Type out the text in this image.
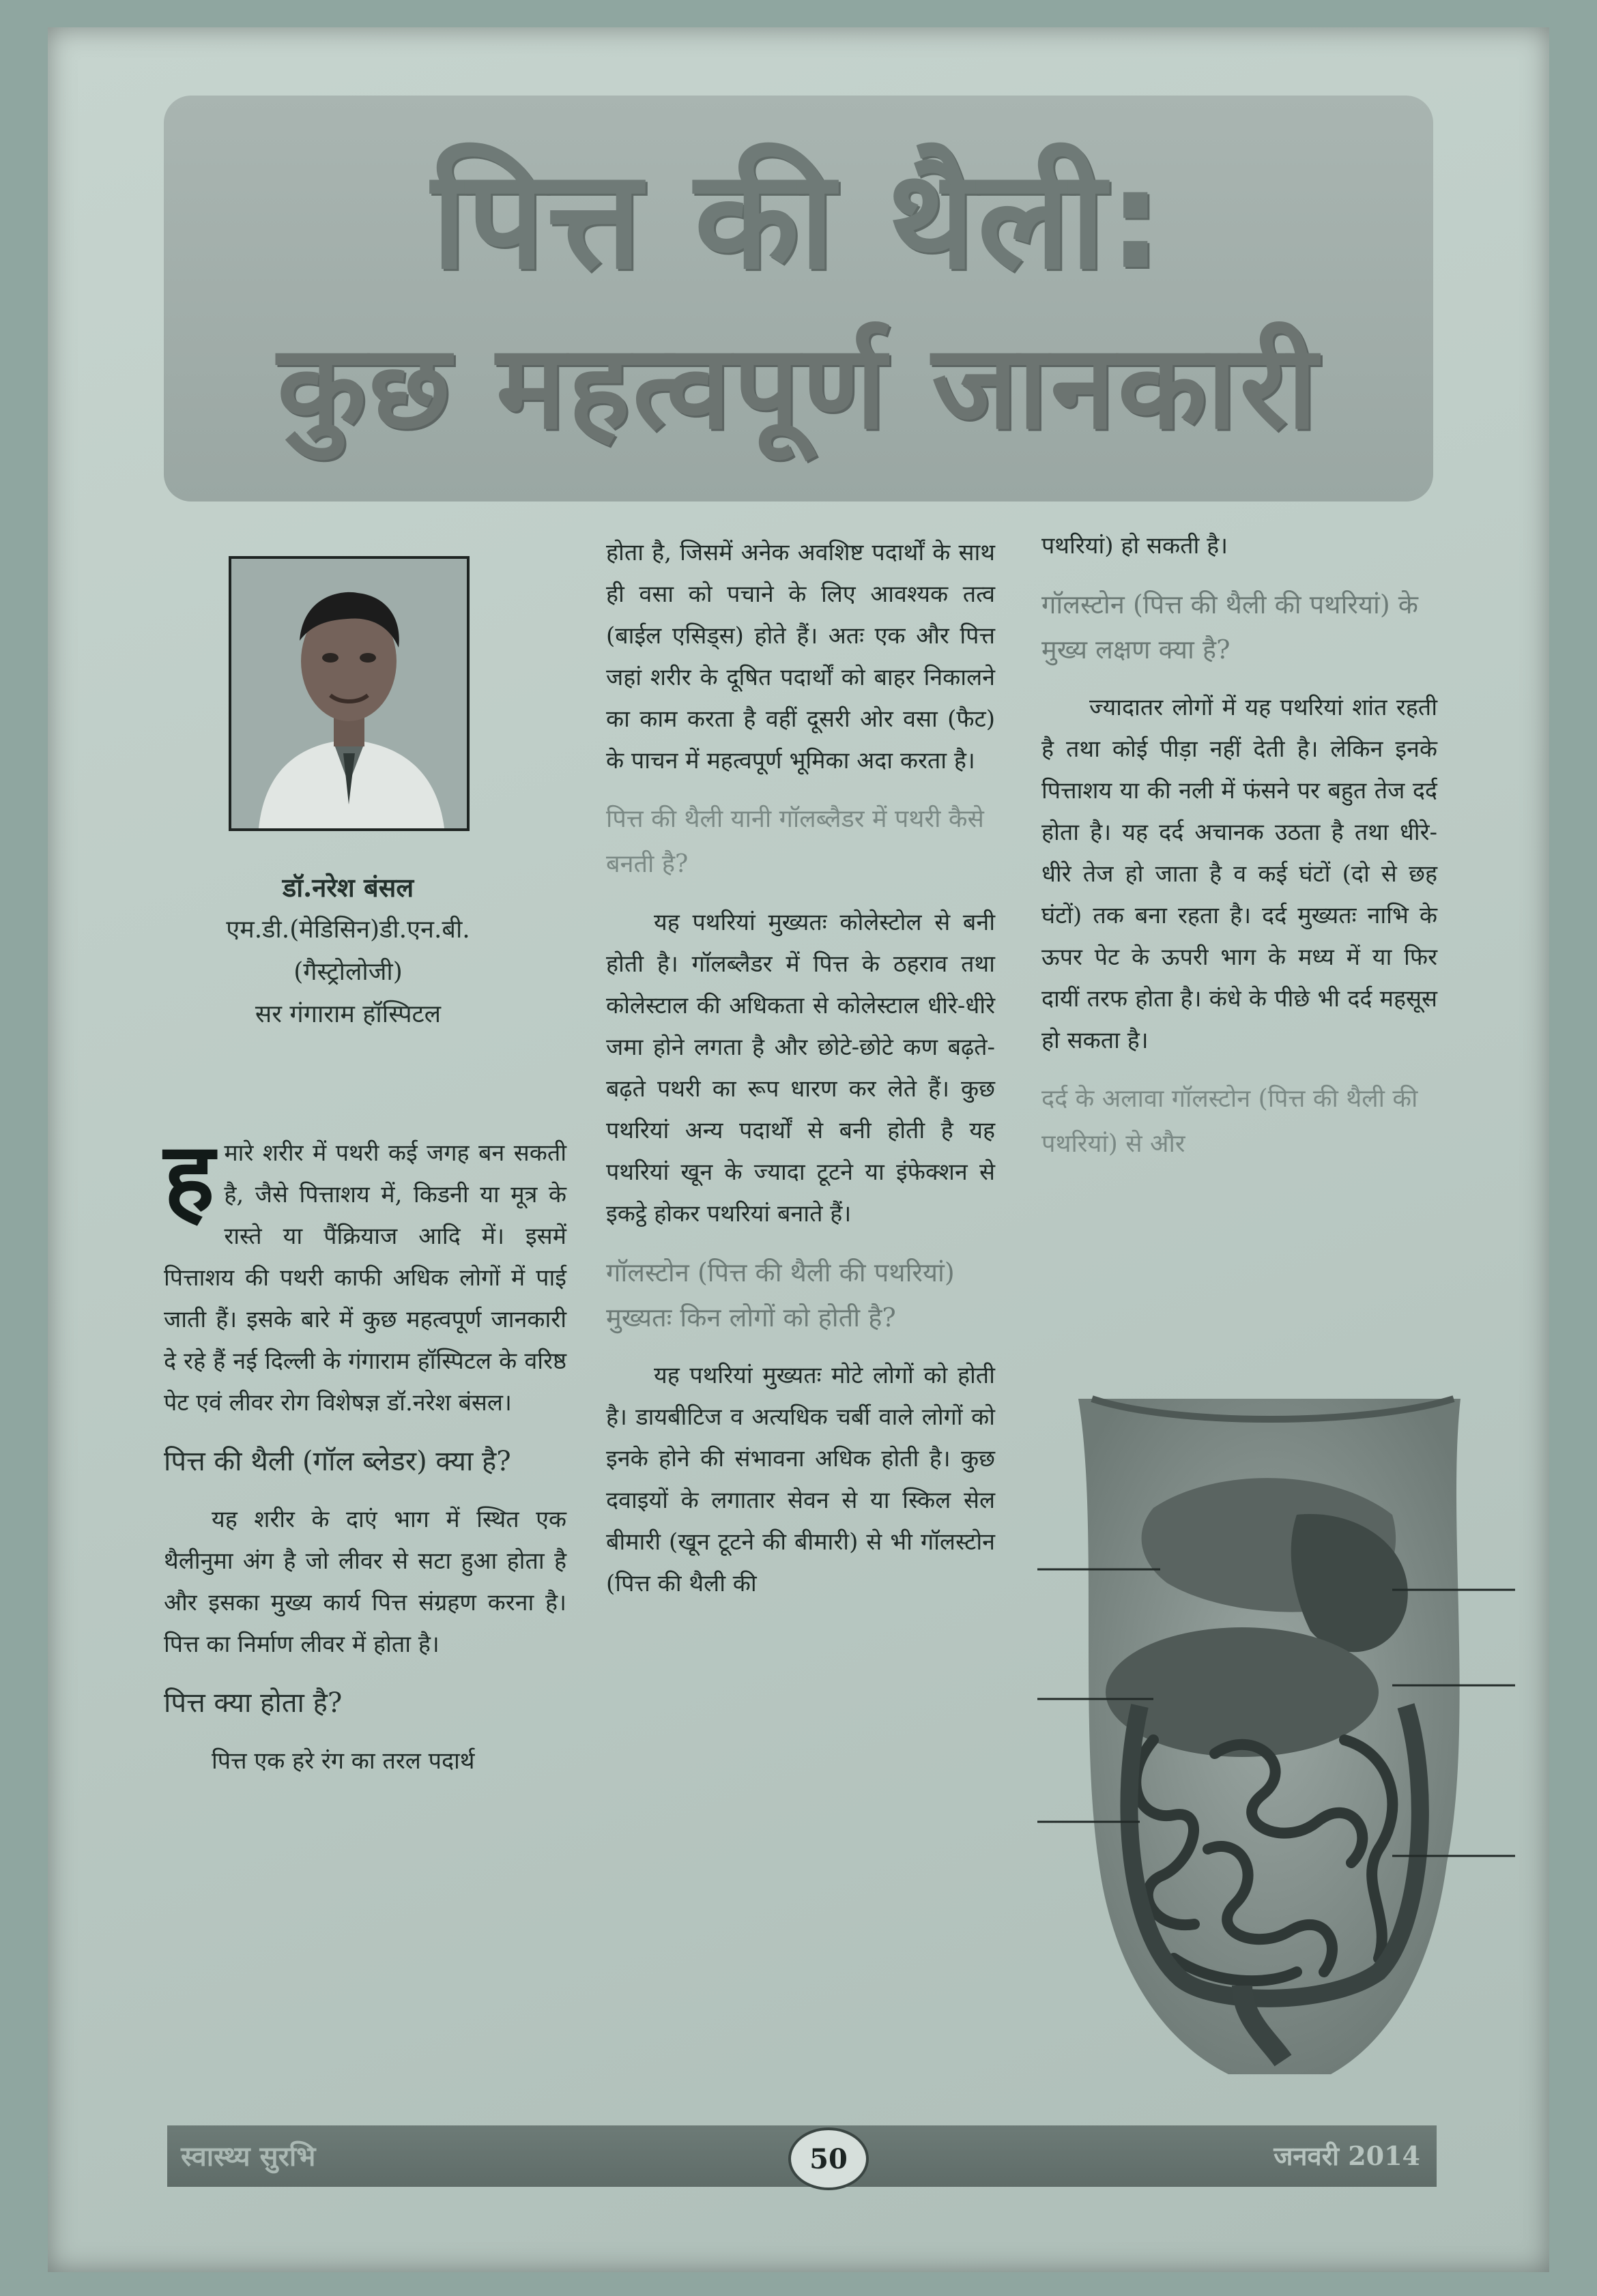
पित्त की थैली:
कुछ महत्वपूर्ण जानकारी
डॉ.नरेश बंसल
एम.डी.(मेडिसिन)डी.एन.बी.
(गैस्ट्रोलोजी)
सर गंगाराम हॉस्पिटल

हमारे शरीर में पथरी कई जगह बन सकती है, जैसे पित्ताशय में, किडनी या मूत्र के रास्ते या पैंक्रियाज आदि में। इसमें पित्ताशय की पथरी काफी अधिक लोगों में पाई जाती हैं। इसके बारे में कुछ महत्वपूर्ण जानकारी दे रहे हैं नई दिल्ली के गंगाराम हॉस्पिटल के वरिष्ठ पेट एवं लीवर रोग विशेषज्ञ डॉ.नरेश बंसल।

पित्त की थैली (गॉल ब्लेडर) क्या है?

यह शरीर के दाएं भाग में स्थित एक थैलीनुमा अंग है जो लीवर से सटा हुआ होता है और इसका मुख्य कार्य पित्त संग्रहण करना है। पित्त का निर्माण लीवर में होता है।

पित्त क्या होता है?

पित्त एक हरे रंग का तरल पदार्थ

होता है, जिसमें अनेक अवशिष्ट पदार्थों के साथ ही वसा को पचाने के लिए आवश्यक तत्व (बाईल एसिड्स) होते हैं। अतः एक और पित्त जहां शरीर के दूषित पदार्थों को बाहर निकालने का काम करता है वहीं दूसरी ओर वसा (फैट) के पाचन में महत्वपूर्ण भूमिका अदा करता है।

पित्त की थैली यानी गॉलब्लैडर में पथरी कैसे बनती है?

यह पथरियां मुख्यतः कोलेस्टोल से बनी होती है। गॉलब्लैडर में पित्त के ठहराव तथा कोलेस्टाल की अधिकता से कोलेस्टाल धीरे-धीरे जमा होने लगता है और छोटे-छोटे कण बढ़ते-बढ़ते पथरी का रूप धारण कर लेते हैं। कुछ पथरियां अन्य पदार्थों से बनी होती है यह पथरियां खून के ज्यादा टूटने या इंफेक्शन से इकट्ठे होकर पथरियां बनाते हैं।

गॉलस्टोन (पित्त की थैली की पथरियां) मुख्यतः किन लोगों को होती है?

यह पथरियां मुख्यतः मोटे लोगों को होती है। डायबीटिज व अत्यधिक चर्बी वाले लोगों को इनके होने की संभावना अधिक होती है। कुछ दवाइयों के लगातार सेवन से या स्किल सेल बीमारी (खून टूटने की बीमारी) से भी गॉलस्टोन (पित्त की थैली की

पथरियां) हो सकती है।

गॉलस्टोन (पित्त की थैली की पथरियां) के मुख्य लक्षण क्या है?

ज्यादातर लोगों में यह पथरियां शांत रहती है तथा कोई पीड़ा नहीं देती है। लेकिन इनके पित्ताशय या की नली में फंसने पर बहुत तेज दर्द होता है। यह दर्द अचानक उठता है तथा धीरे-धीरे तेज हो जाता है व कई घंटों (दो से छह घंटों) तक बना रहता है। दर्द मुख्यतः नाभि के ऊपर पेट के ऊपरी भाग के मध्य में या फिर दायीं तरफ होता है। कंधे के पीछे भी दर्द महसूस हो सकता है।

दर्द के अलावा गॉलस्टोन (पित्त की थैली की पथरियां) से और

स्वास्थ्य सुरभि	जनवरी 2014
50
